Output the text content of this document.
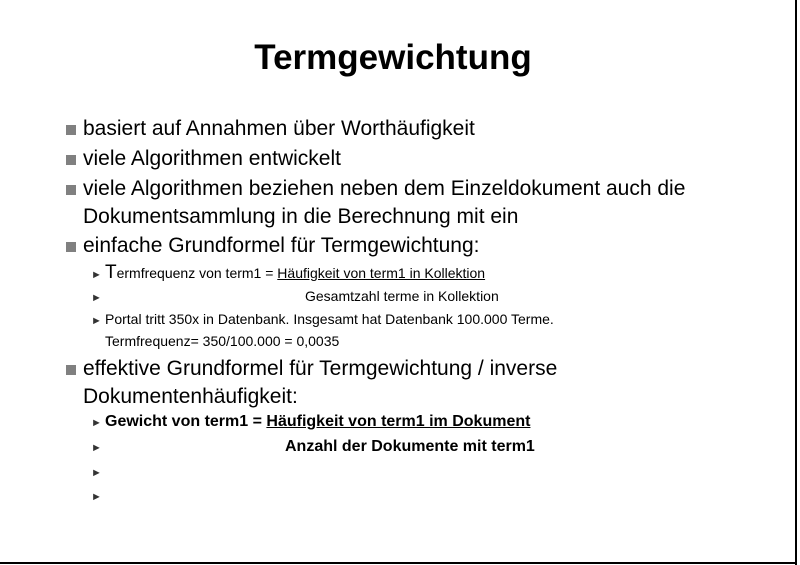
Termgewichtung
basiert auf Annahmen über Worthäufigkeit
viele Algorithmen entwickelt
viele Algorithmen beziehen neben dem Einzeldokument auch die Dokumentsammlung in die Berechnung mit ein
einfache Grundformel für Termgewichtung:
► Termfrequenz von term1 = Häufigkeit von term1 in Kollektion
►	Gesamtzahl terme in Kollektion
► Portal tritt 350x in Datenbank. Insgesamt hat Datenbank 100.000 Terme.
Termfrequenz= 350/100.000 = 0,0035
effektive Grundformel für Termgewichtung / inverse Dokumentenhäufigkeit:
► Gewicht von term1 = Häufigkeit von term1 im Dokument
►	Anzahl der Dokumente mit term1
►
►
